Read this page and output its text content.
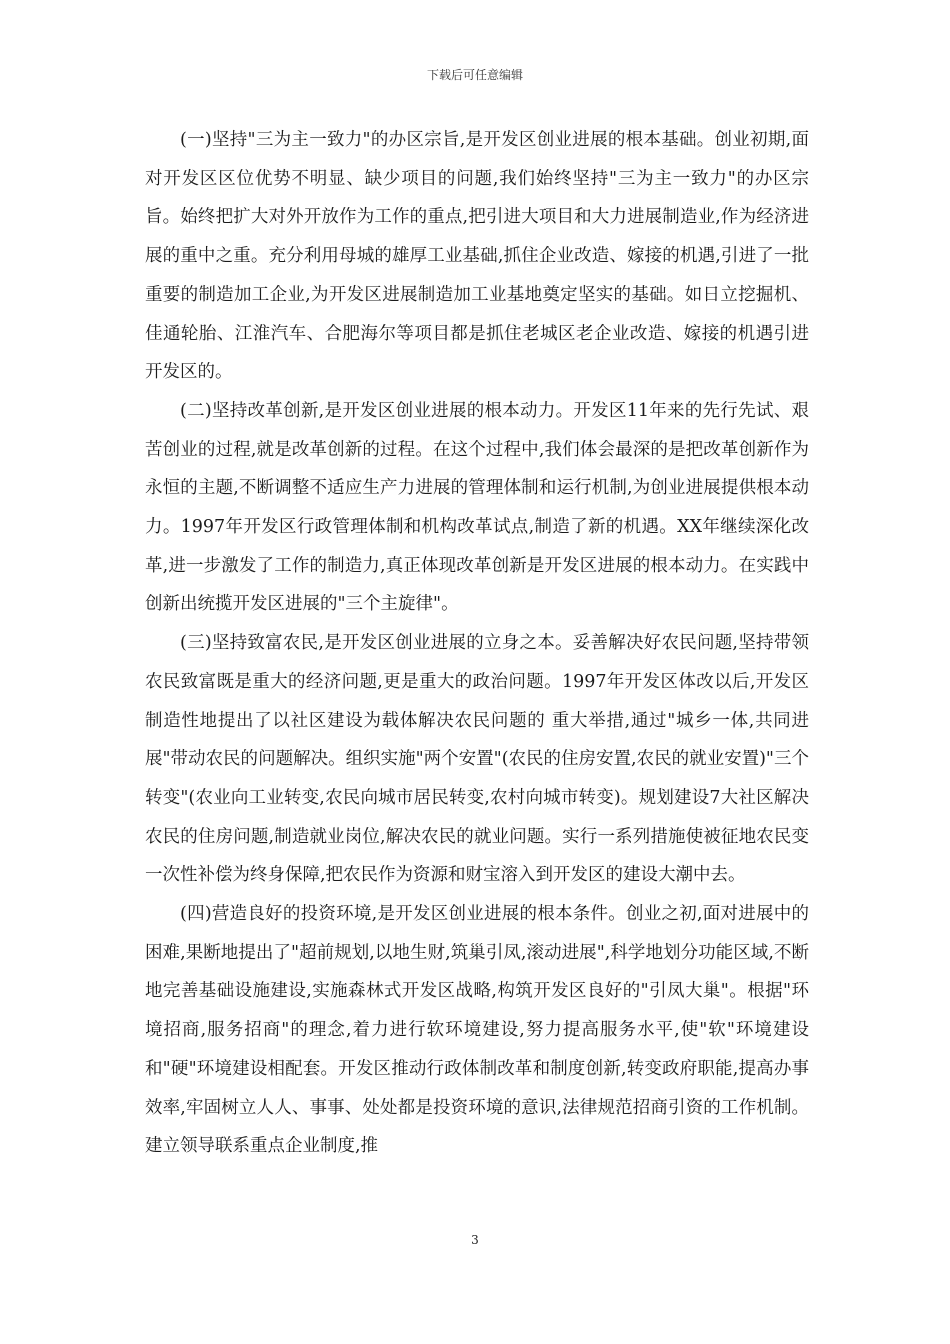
下载后可任意编辑

(一)坚持"三为主一致力"的办区宗旨,是开发区创业进展的根本基础。创业初期,面对开发区区位优势不明显、缺少项目的问题,我们始终坚持"三为主一致力"的办区宗旨。始终把扩大对外开放作为工作的重点,把引进大项目和大力进展制造业,作为经济进展的重中之重。充分利用母城的雄厚工业基础,抓住企业改造、嫁接的机遇,引进了一批重要的制造加工企业,为开发区进展制造加工业基地奠定坚实的基础。如日立挖掘机、佳通轮胎、江淮汽车、合肥海尔等项目都是抓住老城区老企业改造、嫁接的机遇引进开发区的。

(二)坚持改革创新,是开发区创业进展的根本动力。开发区11年来的先行先试、艰苦创业的过程,就是改革创新的过程。在这个过程中,我们体会最深的是把改革创新作为永恒的主题,不断调整不适应生产力进展的管理体制和运行机制,为创业进展提供根本动力。1997年开发区行政管理体制和机构改革试点,制造了新的机遇。XX年继续深化改革,进一步激发了工作的制造力,真正体现改革创新是开发区进展的根本动力。在实践中创新出统揽开发区进展的"三个主旋律"。

(三)坚持致富农民,是开发区创业进展的立身之本。妥善解决好农民问题,坚持带领农民致富既是重大的经济问题,更是重大的政治问题。1997年开发区体改以后,开发区制造性地提出了以社区建设为载体解决农民问题的 重大举措,通过"城乡一体,共同进展"带动农民的问题解决。组织实施"两个安置"(农民的住房安置,农民的就业安置)"三个转变"(农业向工业转变,农民向城市居民转变,农村向城市转变)。规划建设7大社区解决农民的住房问题,制造就业岗位,解决农民的就业问题。实行一系列措施使被征地农民变一次性补偿为终身保障,把农民作为资源和财宝溶入到开发区的建设大潮中去。

(四)营造良好的投资环境,是开发区创业进展的根本条件。创业之初,面对进展中的困难,果断地提出了"超前规划,以地生财,筑巢引凤,滚动进展",科学地划分功能区域,不断地完善基础设施建设,实施森林式开发区战略,构筑开发区良好的"引凤大巢"。根据"环境招商,服务招商"的理念,着力进行软环境建设,努力提高服务水平,使"软"环境建设和"硬"环境建设相配套。开发区推动行政体制改革和制度创新,转变政府职能,提高办事效率,牢固树立人人、事事、处处都是投资环境的意识,法律规范招商引资的工作机制。建立领导联系重点企业制度,推

3
